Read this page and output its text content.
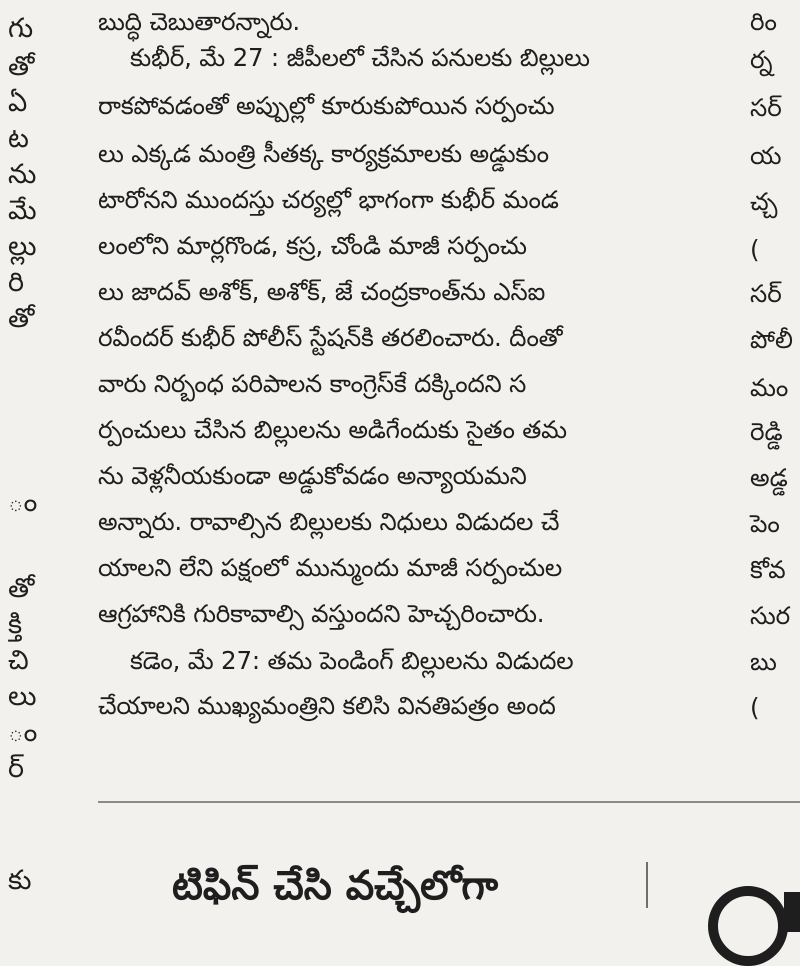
గు
తో
ఏ
ట
ను
మే
ల్లు
రి
తో
ం
తో
క్తి
చి
లు
ం
ర్
కు
బుద్ధి చెబుతారన్నారు.
కుభీర్, మే 27 : జీపీలలో చేసిన పనులకు బిల్లులు
రాకపోవడంతో అప్పుల్లో కూరుకుపోయిన సర్పంచు
లు ఎక్కడ మంత్రి సీతక్క కార్యక్రమాలకు అడ్డుకుం
టారోనని ముందస్తు చర్యల్లో భాగంగా కుభీర్ మండ
లంలోని మార్లగొండ, కస్ర, చోండి మాజీ సర్పంచు
లు జాదవ్ అశోక్, అశోక్, జే చంద్రకాంత్‌ను ఎస్ఐ
రవీందర్ కుభీర్ పోలీస్ స్టేషన్‌కి తరలించారు. దీంతో
వారు నిర్బంధ పరిపాలన కాంగ్రెస్‌కే దక్కిందని స
ర్పంచులు చేసిన బిల్లులను అడిగేందుకు సైతం తమ
ను వెళ్లనీయకుండా అడ్డుకోవడం అన్యాయమని
అన్నారు. రావాల్సిన బిల్లులకు నిధులు విడుదల చే
యాలని లేని పక్షంలో మున్ముందు మాజీ సర్పంచుల
ఆగ్రహానికి గురికావాల్సి వస్తుందని హెచ్చరించారు.
కడెం, మే 27: తమ పెండింగ్ బిల్లులను విడుదల
చేయాలని ముఖ్యమంత్రిని కలిసి వినతిపత్రం అంద
రిం
ర్న
సర్
య
చ్చ
(
సర్
పోలీ
మం
రెడ్డి
అడ్డ
పెం
కోవ
సుర
బు
(
టిఫిన్ చేసి వచ్చేలోగా
